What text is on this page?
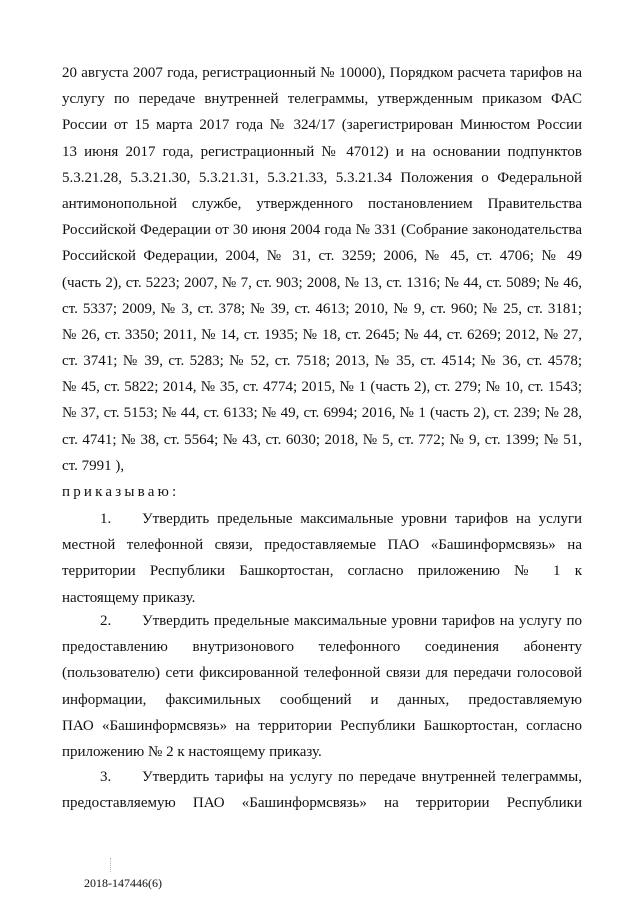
20 августа 2007 года, регистрационный № 10000), Порядком расчета тарифов на
услугу по передаче внутренней телеграммы, утвержденным приказом ФАС
России от 15 марта 2017 года № 324/17 (зарегистрирован Минюстом России
13 июня 2017 года, регистрационный № 47012) и на основании подпунктов
5.3.21.28, 5.3.21.30, 5.3.21.31, 5.3.21.33, 5.3.21.34 Положения о Федеральной
антимонопольной службе, утвержденного постановлением Правительства
Российской Федерации от 30 июня 2004 года № 331 (Собрание законодательства
Российской Федерации, 2004, № 31, ст. 3259; 2006, № 45, ст. 4706; № 49
(часть 2), ст. 5223; 2007, № 7, ст. 903; 2008, № 13, ст. 1316; № 44, ст. 5089; № 46,
ст. 5337; 2009, № 3, ст. 378; № 39, ст. 4613; 2010, № 9, ст. 960; № 25, ст. 3181;
№ 26, ст. 3350; 2011, № 14, ст. 1935; № 18, ст. 2645; № 44, ст. 6269; 2012, № 27,
ст. 3741; № 39, ст. 5283; № 52, ст. 7518; 2013, № 35, ст. 4514; № 36, ст. 4578;
№ 45, ст. 5822; 2014, № 35, ст. 4774; 2015, № 1 (часть 2), ст. 279; № 10, ст. 1543;
№ 37, ст. 5153; № 44, ст. 6133; № 49, ст. 6994; 2016, № 1 (часть 2), ст. 239; № 28,
ст. 4741; № 38, ст. 5564; № 43, ст. 6030; 2018, № 5, ст. 772; № 9, ст. 1399; № 51,
ст. 7991 ),
приказываю:
1. Утвердить предельные максимальные уровни тарифов на услуги
местной телефонной связи, предоставляемые ПАО «Башинформсвязь» на
территории Республики Башкортостан, согласно приложению № 1 к
настоящему приказу.
2. Утвердить предельные максимальные уровни тарифов на услугу по
предоставлению внутризонового телефонного соединения абоненту
(пользователю) сети фиксированной телефонной связи для передачи голосовой
информации, факсимильных сообщений и данных, предоставляемую
ПАО «Башинформсвязь» на территории Республики Башкортостан, согласно
приложению № 2 к настоящему приказу.
3. Утвердить тарифы на услугу по передаче внутренней телеграммы,
предоставляемую ПАО «Башинформсвязь» на территории Республики
2018-147446(6)
